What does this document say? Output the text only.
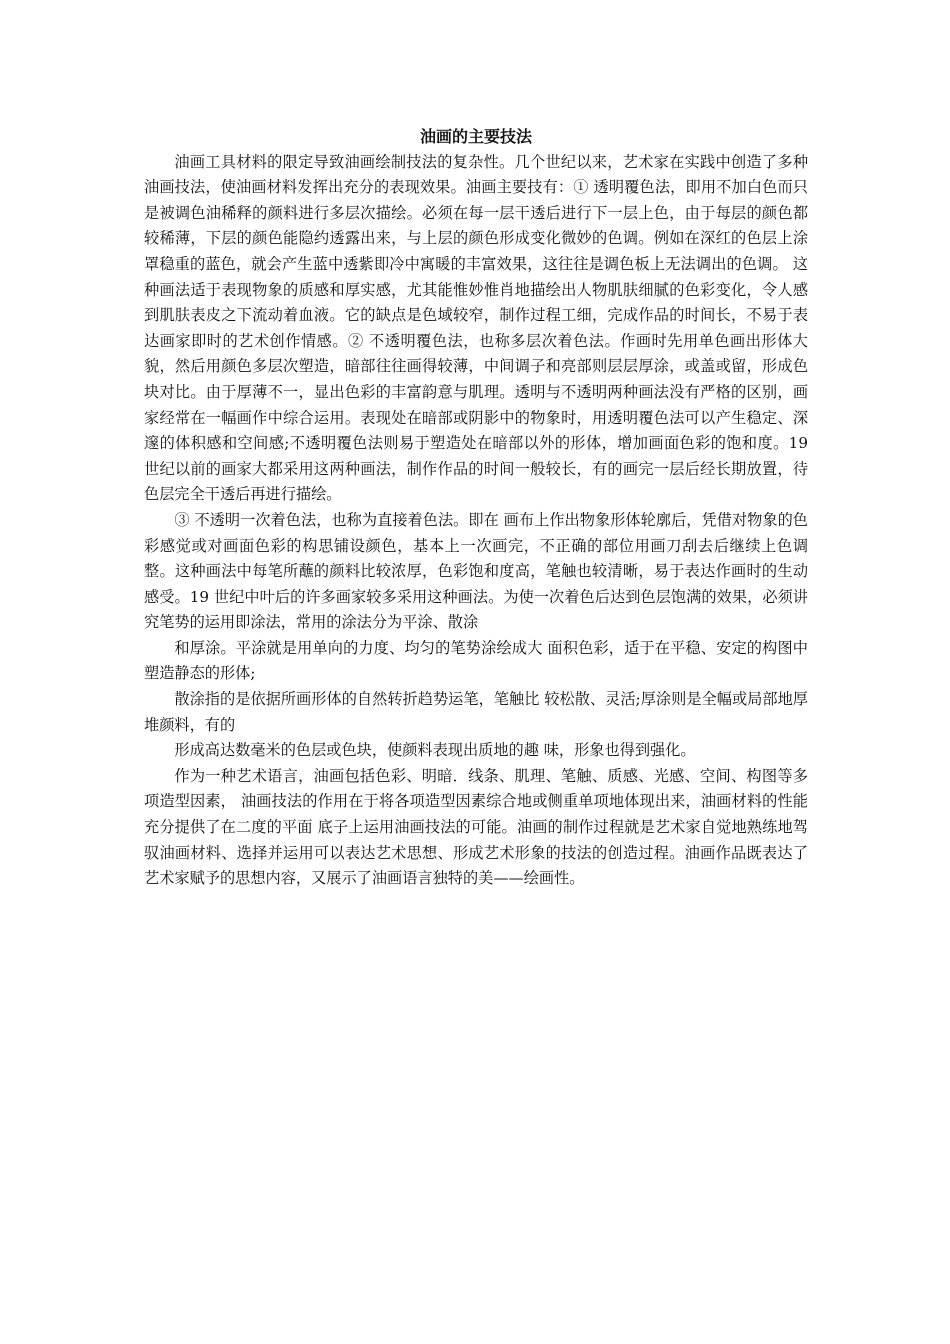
油画的主要技法

油画工具材料的限定导致油画绘制技法的复杂性。几个世纪以来，艺术家在实践中创造了多种油画技法，使油画材料发挥出充分的表现效果。油画主要技有：① 透明覆色法，即用不加白色而只是被调色油稀释的颜料进行多层次描绘。必须在每一层干透后进行下一层上色，由于每层的颜色都较稀薄，下层的颜色能隐约透露出来，与上层的颜色形成变化微妙的色调。例如在深红的色层上涂罩稳重的蓝色，就会产生蓝中透紫即冷中寓暖的丰富效果，这往往是调色板上无法调出的色调。 这种画法适于表现物象的质感和厚实感，尤其能惟妙惟肖地描绘出人物肌肤细腻的色彩变化，令人感到肌肤表皮之下流动着血液。它的缺点是色域较窄，制作过程工细，完成作品的时间长，不易于表达画家即时的艺术创作情感。② 不透明覆色法，也称多层次着色法。作画时先用单色画出形体大貌，然后用颜色多层次塑造，暗部往往画得较薄，中间调子和亮部则层层厚涂，或盖或留，形成色块对比。由于厚薄不一，显出色彩的丰富韵意与肌理。透明与不透明两种画法没有严格的区别，画家经常在一幅画作中综合运用。表现处在暗部或阴影中的物象时，用透明覆色法可以产生稳定、深邃的体积感和空间感;不透明覆色法则易于塑造处在暗部以外的形体，增加画面色彩的饱和度。19 世纪以前的画家大都采用这两种画法，制作作品的时间一般较长，有的画完一层后经长期放置，待色层完全干透后再进行描绘。

③ 不透明一次着色法，也称为直接着色法。即在 画布上作出物象形体轮廓后，凭借对物象的色彩感觉或对画面色彩的构思铺设颜色，基本上一次画完，不正确的部位用画刀刮去后继续上色调整。这种画法中每笔所蘸的颜料比较浓厚，色彩饱和度高，笔触也较清晰，易于表达作画时的生动感受。19 世纪中叶后的许多画家较多采用这种画法。为使一次着色后达到色层饱满的效果，必须讲究笔势的运用即涂法，常用的涂法分为平涂、散涂

和厚涂。平涂就是用单向的力度、均匀的笔势涂绘成大 面积色彩，适于在平稳、安定的构图中塑造静态的形体;

散涂指的是依据所画形体的自然转折趋势运笔，笔触比 较松散、灵活;厚涂则是全幅或局部地厚堆颜料，有的

形成高达数毫米的色层或色块，使颜料表现出质地的趣 味，形象也得到强化。

作为一种艺术语言，油画包括色彩、明暗．线条、肌理、笔触、质感、光感、空间、构图等多项造型因素， 油画技法的作用在于将各项造型因素综合地或侧重单项地体现出来，油画材料的性能充分提供了在二度的平面 底子上运用油画技法的可能。油画的制作过程就是艺术家自觉地熟练地驾驭油画材料、选择并运用可以表达艺术思想、形成艺术形象的技法的创造过程。油画作品既表达了艺术家赋予的思想内容，又展示了油画语言独特的美——绘画性。
